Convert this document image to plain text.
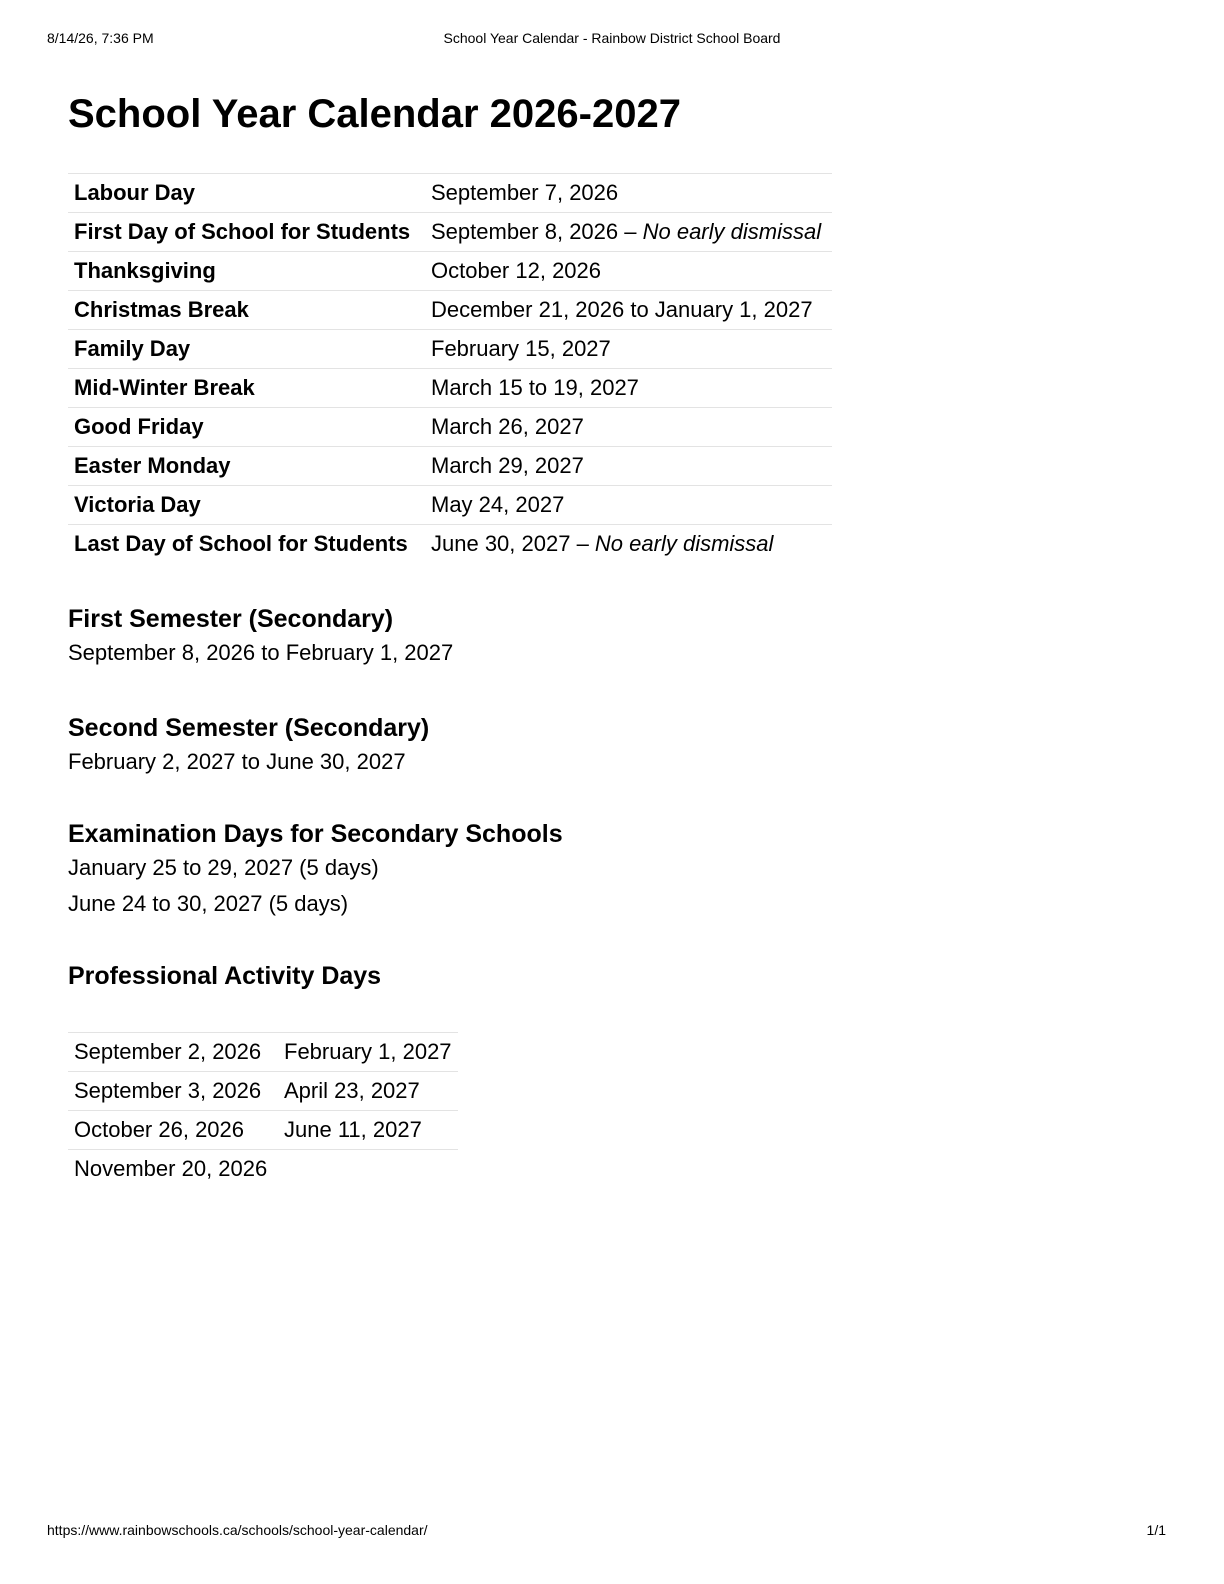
8/14/26, 7:36 PM	School Year Calendar - Rainbow District School Board
School Year Calendar 2026-2027
Labour Day	September 7, 2026
First Day of School for Students	September 8, 2026 – No early dismissal
Thanksgiving	October 12, 2026
Christmas Break	December 21, 2026 to January 1, 2027
Family Day	February 15, 2027
Mid-Winter Break	March 15 to 19, 2027
Good Friday	March 26, 2027
Easter Monday	March 29, 2027
Victoria Day	May 24, 2027
Last Day of School for Students	June 30, 2027 – No early dismissal
First Semester (Secondary)

September 8, 2026 to February 1, 2027

Second Semester (Secondary)

February 2, 2027 to June 30, 2027

Examination Days for Secondary Schools

January 25 to 29, 2027 (5 days)

June 24 to 30, 2027 (5 days)

Professional Activity Days
September 2, 2026	February 1, 2027
September 3, 2026	April 23, 2027
October 26, 2026	June 11, 2027
November 20, 2026	
https://www.rainbowschools.ca/schools/school-year-calendar/	1/1
